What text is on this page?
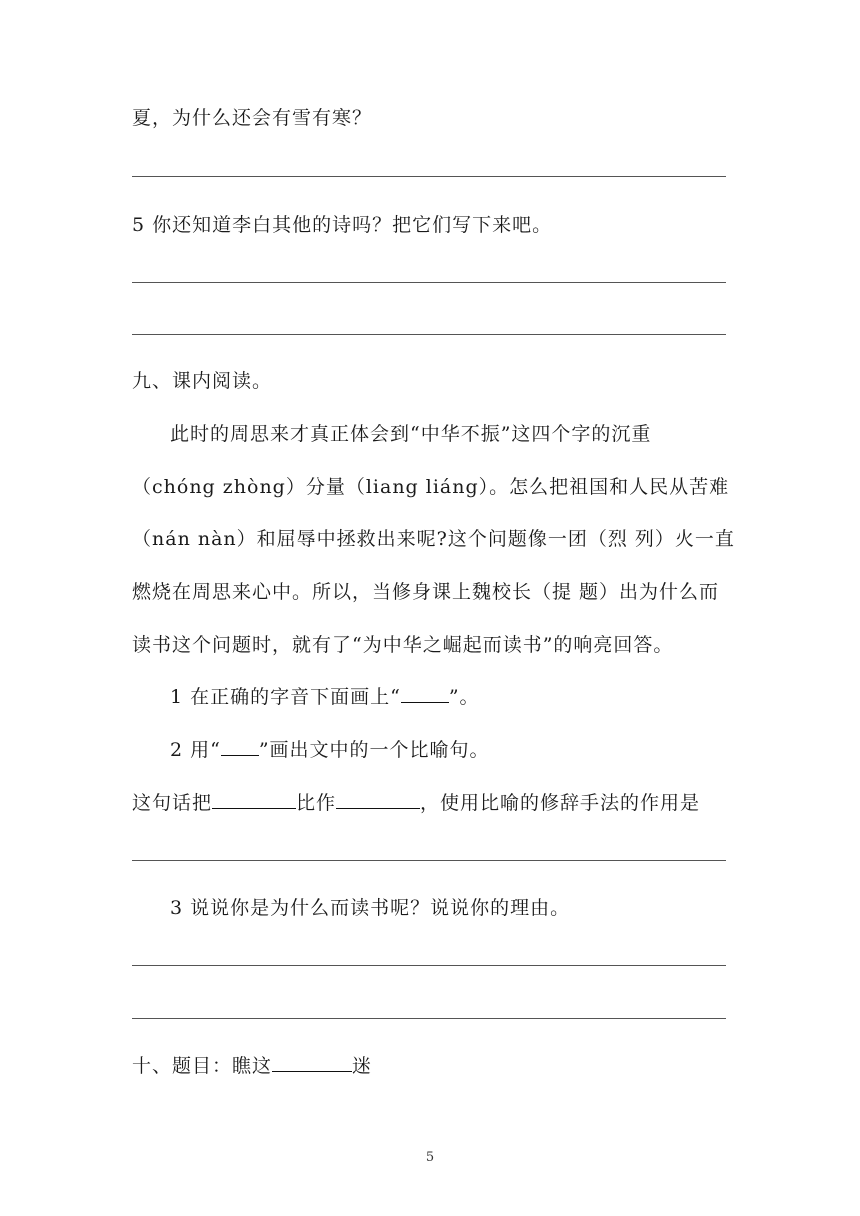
夏，为什么还会有雪有寒？
5 你还知道李白其他的诗吗？把它们写下来吧。
九、课内阅读。
此时的周思来才真正体会到“中华不振”这四个字的沉重
（chóng zhòng）分量（liang liáng）。怎么把祖国和人民从苦难
（nán nàn）和屈辱中拯救出来呢?这个问题像一团（烈 列）火一直
燃烧在周思来心中。所以，当修身课上魏校长（提 题）出为什么而
读书这个问题时，就有了“为中华之崛起而读书”的响亮回答。
1 在正确的字音下面画上“	”。
2 用“ ”画出文中的一个比喻句。
这句话把	比作	，使用比喻的修辞手法的作用是
3 说说你是为什么而读书呢？说说你的理由。
十、题目：瞧这	迷
5
